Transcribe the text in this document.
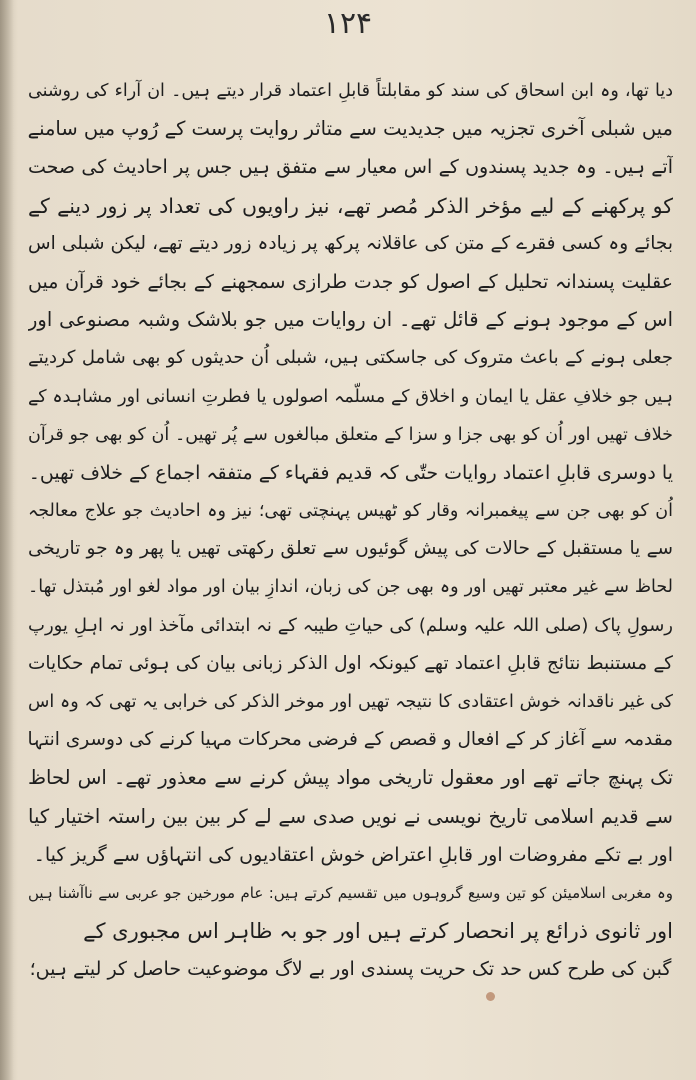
۱۲۴
دیا تھا، وہ ابن اسحاق کی سند کو مقابلتاً قابلِ اعتماد قرار دیتے ہیں۔ ان آراء کی روشنی
میں شبلی آخری تجزیہ میں جدیدیت سے متاثر روایت پرست کے رُوپ میں سامنے
آتے ہیں۔ وہ جدید پسندوں کے اس معیار سے متفق ہیں جس پر احادیث کی صحت
کو پرکھنے کے لیے مؤخر الذکر مُصر تھے، نیز راویوں کی تعداد پر زور دینے کے
بجائے وہ کسی فقرے کے متن کی عاقلانہ پرکھ پر زیادہ زور دیتے تھے، لیکن شبلی اس
عقلیت پسندانہ تحلیل کے اصول کو جدت طرازی سمجھنے کے بجائے خود قرآن میں
اس کے موجود ہونے کے قائل تھے۔ ان روایات میں جو بلاشک وشبہ مصنوعی اور
جعلی ہونے کے باعث متروک کی جاسکتی ہیں، شبلی اُن حدیثوں کو بھی شامل کردیتے
ہیں جو خلافِ عقل یا ایمان و اخلاق کے مسلّمہ اصولوں یا فطرتِ انسانی اور مشاہدہ کے
خلاف تھیں اور اُن کو بھی جزا و سزا کے متعلق مبالغوں سے پُر تھیں۔ اُن کو بھی جو قرآن
یا دوسری قابلِ اعتماد روایات حتّٰی کہ قدیم فقہاء کے متفقہ اجماع کے خلاف تھیں۔
اُن کو بھی جن سے پیغمبرانہ وقار کو ٹھیس پہنچتی تھی؛ نیز وہ احادیث جو علاج معالجہ
سے یا مستقبل کے حالات کی پیش گوئیوں سے تعلق رکھتی تھیں یا پھر وہ جو تاریخی
لحاظ سے غیر معتبر تھیں اور وہ بھی جن کی زبان، اندازِ بیان اور مواد لغو اور مُبتذل تھا۔
رسولِ پاک (صلی اللہ علیہ وسلم) کی حیاتِ طیبہ کے نہ ابتدائی مآخذ اور نہ اہلِ یورپ
کے مستنبط نتائج قابلِ اعتماد تھے کیونکہ اول الذکر زبانی بیان کی ہوئی تمام حکایات
کی غیر ناقدانہ خوش اعتقادی کا نتیجہ تھیں اور موخر الذکر کی خرابی یہ تھی کہ وہ اس
مقدمہ سے آغاز کر کے افعال و قصص کے فرضی محرکات مہیا کرنے کی دوسری انتہا
تک پہنچ جاتے تھے اور معقول تاریخی مواد پیش کرنے سے معذور تھے۔ اس لحاظ
سے قدیم اسلامی تاریخ نویسی نے نویں صدی سے لے کر بین بین راستہ اختیار کیا
اور بے تکے مفروضات اور قابلِ اعتراض خوش اعتقادیوں کی انتہاؤں سے گریز کیا۔
وہ مغربی اسلامیئن کو تین وسیع گروہوں میں تقسیم کرتے ہیں: عام مورخین جو عربی سے ناآشنا ہیں
اور ثانوی ذرائع پر انحصار کرتے ہیں اور جو بہ ظاہر اس مجبوری کے
گبن کی طرح کس حد تک حریت پسندی اور بے لاگ موضوعیت حاصل کر لیتے ہیں؛
